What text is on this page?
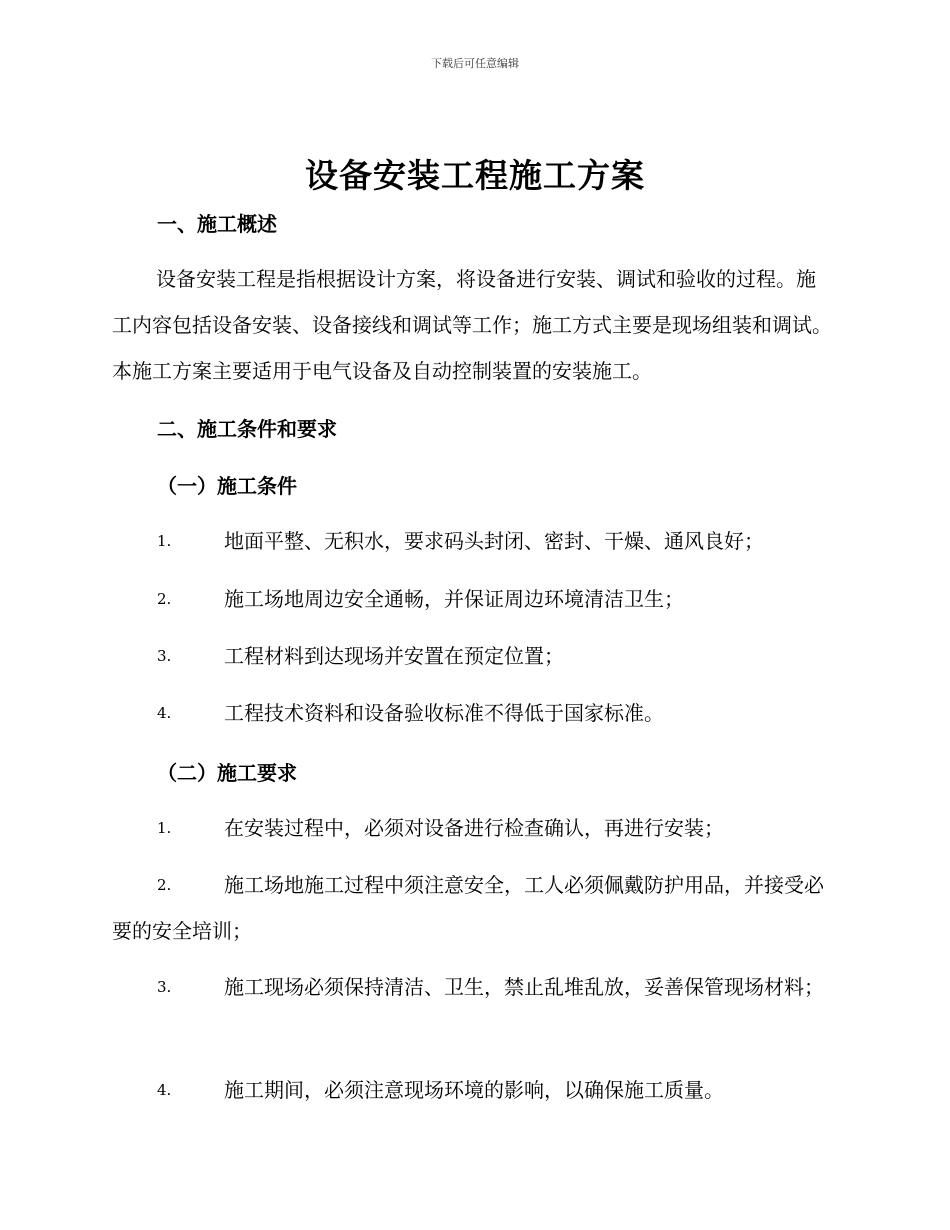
下载后可任意编辑
设备安装工程施工方案
一、施工概述
设备安装工程是指根据设计方案，将设备进行安装、调试和验收的过程。施工内容包括设备安装、设备接线和调试等工作；施工方式主要是现场组装和调试。本施工方案主要适用于电气设备及自动控制装置的安装施工。
二、施工条件和要求
（一）施工条件
1.	地面平整、无积水，要求码头封闭、密封、干燥、通风良好；
2.	施工场地周边安全通畅，并保证周边环境清洁卫生；
3.	工程材料到达现场并安置在预定位置；
4.	工程技术资料和设备验收标准不得低于国家标准。
（二）施工要求
1.	在安装过程中，必须对设备进行检查确认，再进行安装；
2.	施工场地施工过程中须注意安全，工人必须佩戴防护用品，并接受必要的安全培训；
3.	施工现场必须保持清洁、卫生，禁止乱堆乱放，妥善保管现场材料；
4.	施工期间，必须注意现场环境的影响，以确保施工质量。
